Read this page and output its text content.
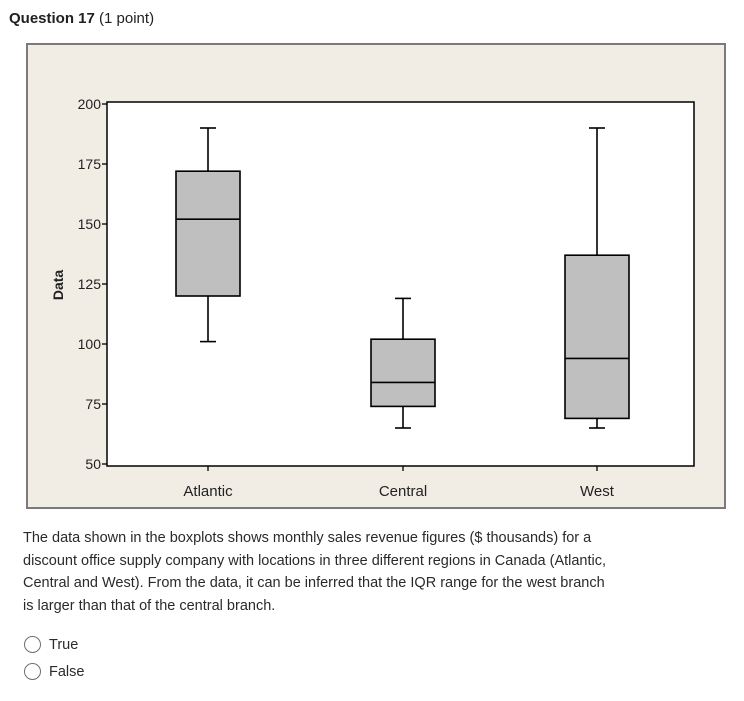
Question 17 (1 point)
200
175
150
125
100
75
50
Data
Atlantic	Central	West
The data shown in the boxplots shows monthly sales revenue figures ($ thousands) for a discount office supply company with locations in three different regions in Canada (Atlantic, Central and West). From the data, it can be inferred that the IQR range for the west branch is larger than that of the central branch.
True
False
